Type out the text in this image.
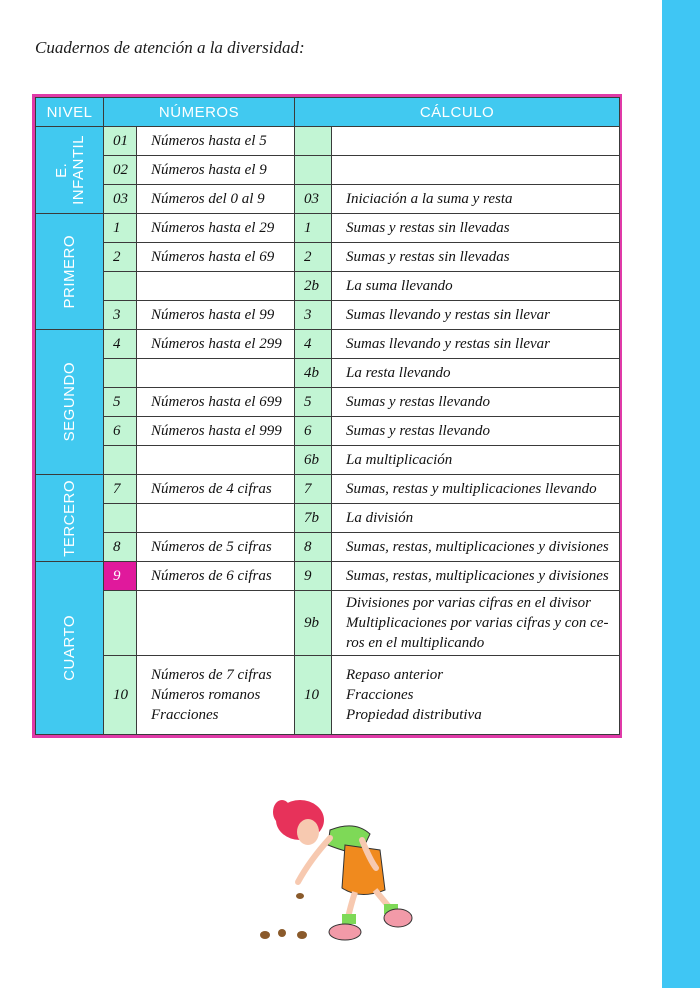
Cuadernos de atención a la diversidad:
NIVEL	NÚMEROS		CÁLCULO	

E. INFANTIL	01	Números hasta el 5		

	02	Números hasta el 9		

	03	Números del 0 al 9	03	Iniciación a la suma y resta

PRIMERO	1	Números hasta el 29	1	Sumas y restas sin llevadas

	2	Números hasta el 69	2	Sumas y restas sin llevadas

			2b	La suma llevando

	3	Números hasta el 99	3	Sumas llevando y restas sin llevar

SEGUNDO	4	Números hasta el 299	4	Sumas llevando y restas sin llevar

			4b	La resta llevando

	5	Números hasta el 699	5	Sumas y restas llevando

	6	Números hasta el 999	6	Sumas y restas llevando

			6b	La multiplicación

TERCERO	7	Números de 4 cifras	7	Sumas, restas y multiplicaciones llevando

			7b	La división

	8	Números de 5 cifras	8	Sumas, restas, multiplicaciones y divisiones

CUARTO	9	Números de 6 cifras	9	Sumas, restas, multiplicaciones y divisiones

			9b	Divisiones por varias cifras en el divisor
Multiplicaciones por varias cifras y con ce-
ros en el multiplicando

	10	Números de 7 cifras
Números romanos
Fracciones	10	Repaso anterior
Fracciones
Propiedad distributiva
